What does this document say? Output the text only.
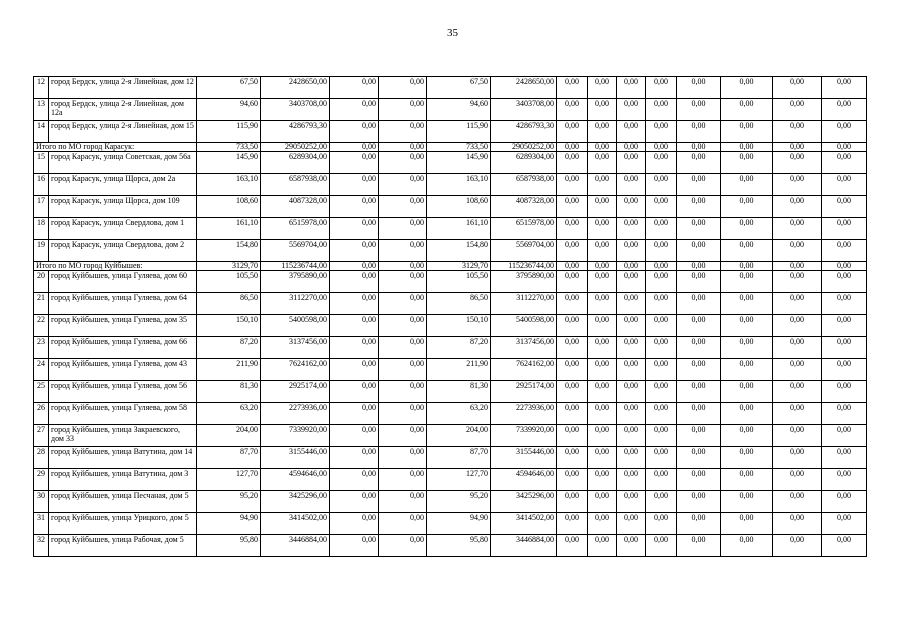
35
12	город Бердск, улица 2-я Линейная, дом 12	67,50	2428650,00	0,00	0,00	67,50	2428650,00	0,00	0,00	0,00	0,00	0,00	0,00	0,00	0,00
13	город Бердск, улица 2-я Линейная, дом 12а	94,60	3403708,00	0,00	0,00	94,60	3403708,00	0,00	0,00	0,00	0,00	0,00	0,00	0,00	0,00
14	город Бердск, улица 2-я Линейная, дом 15	115,90	4286793,30	0,00	0,00	115,90	4286793,30	0,00	0,00	0,00	0,00	0,00	0,00	0,00	0,00
Итого по МО город Карасук:		733,50	29050252,00	0,00	0,00	733,50	29050252,00	0,00	0,00	0,00	0,00	0,00	0,00	0,00	0,00
15	город Карасук, улица Советская, дом 56а	145,90	6289304,00	0,00	0,00	145,90	6289304,00	0,00	0,00	0,00	0,00	0,00	0,00	0,00	0,00
16	город Карасук, улица Щорса, дом 2а	163,10	6587938,00	0,00	0,00	163,10	6587938,00	0,00	0,00	0,00	0,00	0,00	0,00	0,00	0,00
17	город Карасук, улица Щорса, дом 109	108,60	4087328,00	0,00	0,00	108,60	4087328,00	0,00	0,00	0,00	0,00	0,00	0,00	0,00	0,00
18	город Карасук, улица Свердлова, дом 1	161,10	6515978,00	0,00	0,00	161,10	6515978,00	0,00	0,00	0,00	0,00	0,00	0,00	0,00	0,00
19	город Карасук, улица Свердлова, дом 2	154,80	5569704,00	0,00	0,00	154,80	5569704,00	0,00	0,00	0,00	0,00	0,00	0,00	0,00	0,00
Итого по МО город Куйбышев:		3129,70	115236744,00	0,00	0,00	3129,70	115236744,00	0,00	0,00	0,00	0,00	0,00	0,00	0,00	0,00
20	город Куйбышев, улица Гуляева, дом 60	105,50	3795890,00	0,00	0,00	105,50	3795890,00	0,00	0,00	0,00	0,00	0,00	0,00	0,00	0,00
21	город Куйбышев, улица Гуляева, дом 64	86,50	3112270,00	0,00	0,00	86,50	3112270,00	0,00	0,00	0,00	0,00	0,00	0,00	0,00	0,00
22	город Куйбышев, улица Гуляева, дом 35	150,10	5400598,00	0,00	0,00	150,10	5400598,00	0,00	0,00	0,00	0,00	0,00	0,00	0,00	0,00
23	город Куйбышев, улица Гуляева, дом 66	87,20	3137456,00	0,00	0,00	87,20	3137456,00	0,00	0,00	0,00	0,00	0,00	0,00	0,00	0,00
24	город Куйбышев, улица Гуляева, дом 43	211,90	7624162,00	0,00	0,00	211,90	7624162,00	0,00	0,00	0,00	0,00	0,00	0,00	0,00	0,00
25	город Куйбышев, улица Гуляева, дом 56	81,30	2925174,00	0,00	0,00	81,30	2925174,00	0,00	0,00	0,00	0,00	0,00	0,00	0,00	0,00
26	город Куйбышев, улица Гуляева, дом 58	63,20	2273936,00	0,00	0,00	63,20	2273936,00	0,00	0,00	0,00	0,00	0,00	0,00	0,00	0,00
27	город Куйбышев, улица Закраевского, дом 33	204,00	7339920,00	0,00	0,00	204,00	7339920,00	0,00	0,00	0,00	0,00	0,00	0,00	0,00	0,00
28	город Куйбышев, улица Ватутина, дом 14	87,70	3155446,00	0,00	0,00	87,70	3155446,00	0,00	0,00	0,00	0,00	0,00	0,00	0,00	0,00
29	город Куйбышев, улица Ватутина, дом 3	127,70	4594646,00	0,00	0,00	127,70	4594646,00	0,00	0,00	0,00	0,00	0,00	0,00	0,00	0,00
30	город Куйбышев, улица Песчаная, дом 5	95,20	3425296,00	0,00	0,00	95,20	3425296,00	0,00	0,00	0,00	0,00	0,00	0,00	0,00	0,00
31	город Куйбышев, улица Урицкого, дом 5	94,90	3414502,00	0,00	0,00	94,90	3414502,00	0,00	0,00	0,00	0,00	0,00	0,00	0,00	0,00
32	город Куйбышев, улица Рабочая, дом 5	95,80	3446884,00	0,00	0,00	95,80	3446884,00	0,00	0,00	0,00	0,00	0,00	0,00	0,00	0,00
